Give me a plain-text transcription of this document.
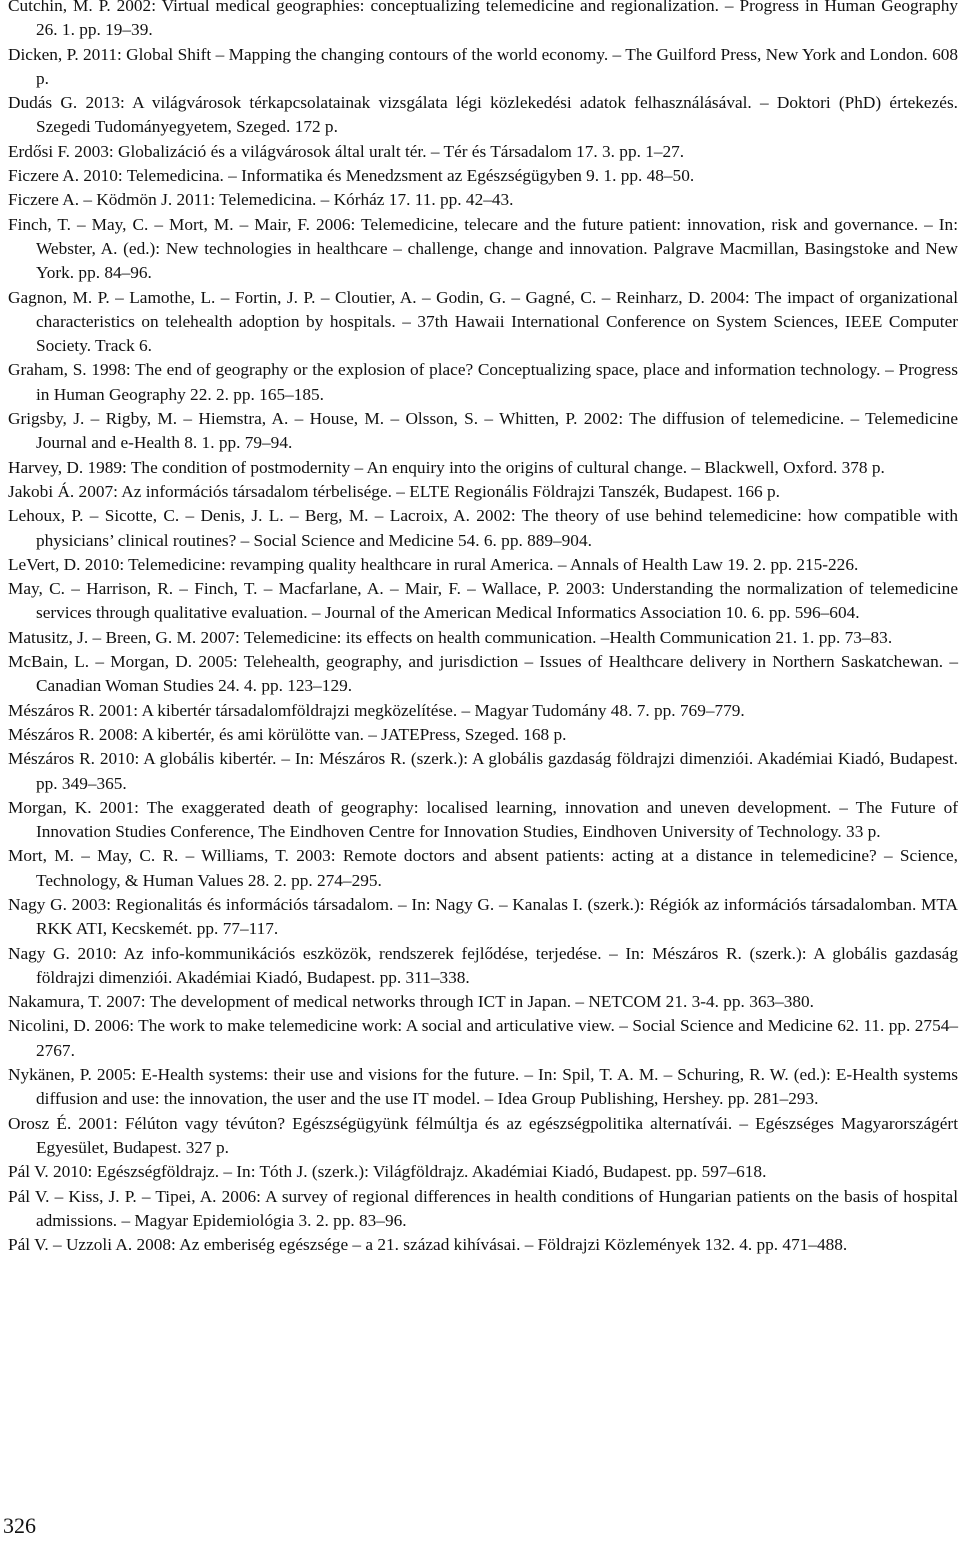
Cutchin, M. P. 2002: Virtual medical geographies: conceptualizing telemedicine and regionalization. – Progress in Human Geography 26. 1. pp. 19–39.

Dicken, P. 2011: Global Shift – Mapping the changing contours of the world economy. – The Guilford Press, New York and London. 608 p.

Dudás G. 2013: A világvárosok térkapcsolatainak vizsgálata légi közlekedési adatok felhasználásával. – Doktori (PhD) értekezés. Szegedi Tudományegyetem, Szeged. 172 p.

Erdősi F. 2003: Globalizáció és a világvárosok által uralt tér. – Tér és Társadalom 17. 3. pp. 1–27.

Ficzere A. 2010: Telemedicina. – Informatika és Menedzsment az Egészségügyben 9. 1. pp. 48–50.

Ficzere A. – Ködmön J. 2011: Telemedicina. – Kórház 17. 11. pp. 42–43.

Finch, T. – May, C. – Mort, M. – Mair, F. 2006: Telemedicine, telecare and the future patient: innovation, risk and governance. – In: Webster, A. (ed.): New technologies in healthcare – challenge, change and innovation. Palgrave Macmillan, Basingstoke and New York. pp. 84–96.

Gagnon, M. P. – Lamothe, L. – Fortin, J. P. – Cloutier, A. – Godin, G. – Gagné, C. – Reinharz, D. 2004: The impact of organizational characteristics on telehealth adoption by hospitals. – 37th Hawaii International Conference on System Sciences, IEEE Computer Society. Track 6.

Graham, S. 1998: The end of geography or the explosion of place? Conceptualizing space, place and information technology. – Progress in Human Geography 22. 2. pp. 165–185.

Grigsby, J. – Rigby, M. – Hiemstra, A. – House, M. – Olsson, S. – Whitten, P. 2002: The diffusion of telemedicine. – Telemedicine Journal and e-Health 8. 1. pp. 79–94.

Harvey, D. 1989: The condition of postmodernity – An enquiry into the origins of cultural change. – Blackwell, Oxford. 378 p.

Jakobi Á. 2007: Az információs társadalom térbelisége. – ELTE Regionális Földrajzi Tanszék, Budapest. 166 p.

Lehoux, P. – Sicotte, C. – Denis, J. L. – Berg, M. – Lacroix, A. 2002: The theory of use behind telemedicine: how compatible with physicians’ clinical routines? – Social Science and Medicine 54. 6. pp. 889–904.

LeVert, D. 2010: Telemedicine: revamping quality healthcare in rural America. – Annals of Health Law 19. 2. pp. 215-226.

May, C. – Harrison, R. – Finch, T. – Macfarlane, A. – Mair, F. – Wallace, P. 2003: Understanding the normalization of telemedicine services through qualitative evaluation. – Journal of the American Medical Informatics Association 10. 6. pp. 596–604.

Matusitz, J. – Breen, G. M. 2007: Telemedicine: its effects on health communication. –Health Communication 21. 1. pp. 73–83.

McBain, L. – Morgan, D. 2005: Telehealth, geography, and jurisdiction – Issues of Healthcare delivery in Northern Saskatchewan. – Canadian Woman Studies 24. 4. pp. 123–129.

Mészáros R. 2001: A kibertér társadalomföldrajzi megközelítése. – Magyar Tudomány 48. 7. pp. 769–779.

Mészáros R. 2008: A kibertér, és ami körülötte van. – JATEPress, Szeged. 168 p.

Mészáros R. 2010: A globális kibertér. – In: Mészáros R. (szerk.): A globális gazdaság földrajzi dimenziói. Akadémiai Kiadó, Budapest. pp. 349–365.

Morgan, K. 2001: The exaggerated death of geography: localised learning, innovation and uneven development. – The Future of Innovation Studies Conference, The Eindhoven Centre for Innovation Studies, Eindhoven University of Technology. 33 p.

Mort, M. – May, C. R. – Williams, T. 2003: Remote doctors and absent patients: acting at a distance in telemedicine? – Science, Technology, & Human Values 28. 2. pp. 274–295.

Nagy G. 2003: Regionalitás és információs társadalom. – In: Nagy G. – Kanalas I. (szerk.): Régiók az információs társadalomban. MTA RKK ATI, Kecskemét. pp. 77–117.

Nagy G. 2010: Az info-kommunikációs eszközök, rendszerek fejlődése, terjedése. – In: Mészáros R. (szerk.): A globális gazdaság földrajzi dimenziói. Akadémiai Kiadó, Budapest. pp. 311–338.

Nakamura, T. 2007: The development of medical networks through ICT in Japan. – NETCOM 21. 3-4. pp. 363–380.

Nicolini, D. 2006: The work to make telemedicine work: A social and articulative view. – Social Science and Medicine 62. 11. pp. 2754–2767.

Nykänen, P. 2005: E-Health systems: their use and visions for the future. – In: Spil, T. A. M. – Schuring, R. W. (ed.): E-Health systems diffusion and use: the innovation, the user and the use IT model. – Idea Group Publishing, Hershey. pp. 281–293.

Orosz É. 2001: Félúton vagy tévúton? Egészségügyünk félmúltja és az egészségpolitika alternatívái. – Egészséges Magyarországért Egyesület, Budapest. 327 p.

Pál V. 2010: Egészségföldrajz. – In: Tóth J. (szerk.): Világföldrajz. Akadémiai Kiadó, Budapest. pp. 597–618.

Pál V. – Kiss, J. P. – Tipei, A. 2006: A survey of regional differences in health conditions of Hungarian patients on the basis of hospital admissions. – Magyar Epidemiológia 3. 2. pp. 83–96.

Pál V. – Uzzoli A. 2008: Az emberiség egészsége – a 21. század kihívásai. – Földrajzi Közlemények 132. 4. pp. 471–488.

326
